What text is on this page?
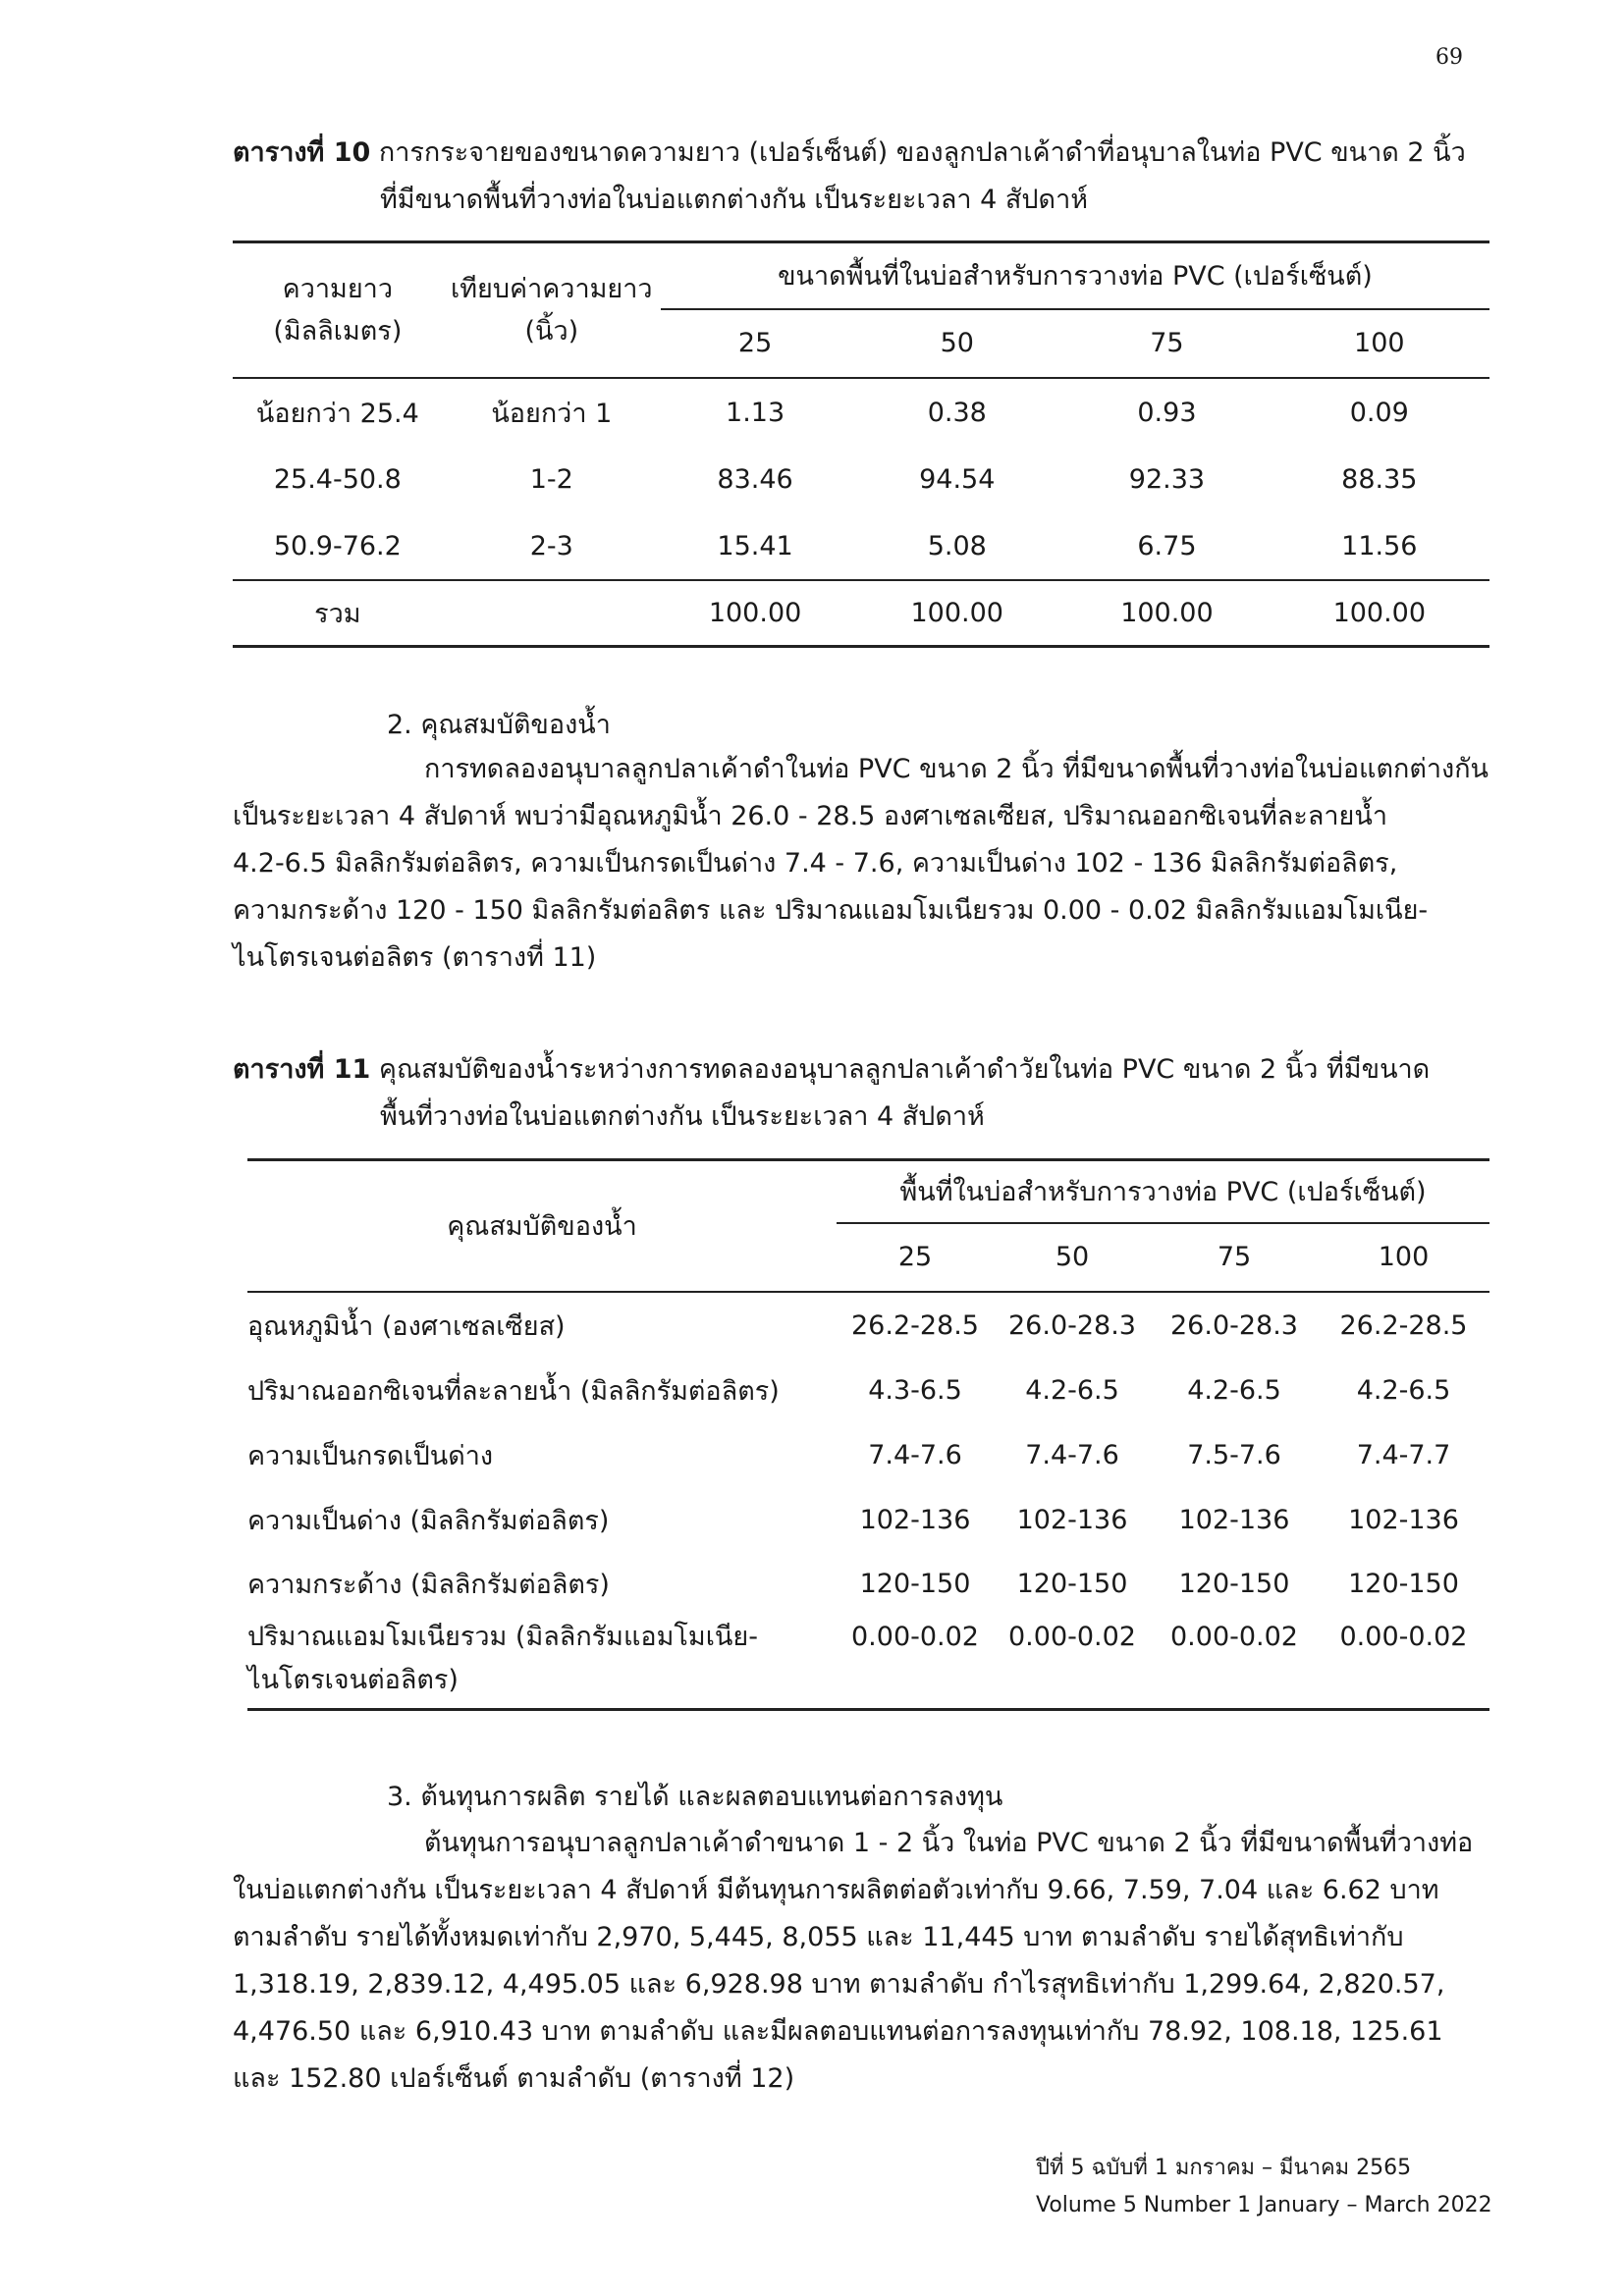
69
ตารางที่ 10 การกระจายของขนาดความยาว (เปอร์เซ็นต์) ของลูกปลาเค้าดำที่อนุบาลในท่อ PVC ขนาด 2 นิ้ว
ที่มีขนาดพื้นที่วางท่อในบ่อแตกต่างกัน เป็นระยะเวลา 4 สัปดาห์
ความยาว	เทียบค่าความยาว	ขนาดพื้นที่ในบ่อสำหรับการวางท่อ PVC (เปอร์เซ็นต์)			
(มิลลิเมตร)	(นิ้ว)	25	50	75	100
น้อยกว่า 25.4	น้อยกว่า 1	1.13	0.38	0.93	0.09
25.4-50.8	1-2	83.46	94.54	92.33	88.35
50.9-76.2	2-3	15.41	5.08	6.75	11.56
รวม		100.00	100.00	100.00	100.00
2. คุณสมบัติของน้ำ
การทดลองอนุบาลลูกปลาเค้าดำในท่อ PVC ขนาด 2 นิ้ว ที่มีขนาดพื้นที่วางท่อในบ่อแตกต่างกัน
เป็นระยะเวลา 4 สัปดาห์ พบว่ามีอุณหภูมิน้ำ 26.0 - 28.5 องศาเซลเซียส, ปริมาณออกซิเจนที่ละลายน้ำ
4.2-6.5 มิลลิกรัมต่อลิตร, ความเป็นกรดเป็นด่าง 7.4 - 7.6, ความเป็นด่าง 102 - 136 มิลลิกรัมต่อลิตร,
ความกระด้าง 120 - 150 มิลลิกรัมต่อลิตร และ ปริมาณแอมโมเนียรวม 0.00 - 0.02 มิลลิกรัมแอมโมเนีย-
ไนโตรเจนต่อลิตร (ตารางที่ 11)
ตารางที่ 11 คุณสมบัติของน้ำระหว่างการทดลองอนุบาลลูกปลาเค้าดำวัยในท่อ PVC ขนาด 2 นิ้ว ที่มีขนาด
พื้นที่วางท่อในบ่อแตกต่างกัน เป็นระยะเวลา 4 สัปดาห์
คุณสมบัติของน้ำ	พื้นที่ในบ่อสำหรับการวางท่อ PVC (เปอร์เซ็นต์)			
	25	50	75	100
อุณหภูมิน้ำ (องศาเซลเซียส)	26.2-28.5	26.0-28.3	26.0-28.3	26.2-28.5
ปริมาณออกซิเจนที่ละลายน้ำ (มิลลิกรัมต่อลิตร)	4.3-6.5	4.2-6.5	4.2-6.5	4.2-6.5
ความเป็นกรดเป็นด่าง	7.4-7.6	7.4-7.6	7.5-7.6	7.4-7.7
ความเป็นด่าง (มิลลิกรัมต่อลิตร)	102-136	102-136	102-136	102-136
ความกระด้าง (มิลลิกรัมต่อลิตร)	120-150	120-150	120-150	120-150

ปริมาณแอมโมเนียรวม (มิลลิกรัมแอมโมเนีย-
ไนโตรเจนต่อลิตร)	0.00-0.02	0.00-0.02	0.00-0.02	0.00-0.02
3. ต้นทุนการผลิต รายได้ และผลตอบแทนต่อการลงทุน
ต้นทุนการอนุบาลลูกปลาเค้าดำขนาด 1 - 2 นิ้ว ในท่อ PVC ขนาด 2 นิ้ว ที่มีขนาดพื้นที่วางท่อ
ในบ่อแตกต่างกัน เป็นระยะเวลา 4 สัปดาห์ มีต้นทุนการผลิตต่อตัวเท่ากับ 9.66, 7.59, 7.04 และ 6.62 บาท
ตามลำดับ รายได้ทั้งหมดเท่ากับ 2,970, 5,445, 8,055 และ 11,445 บาท ตามลำดับ รายได้สุทธิเท่ากับ
1,318.19, 2,839.12, 4,495.05 และ 6,928.98 บาท ตามลำดับ กำไรสุทธิเท่ากับ 1,299.64, 2,820.57,
4,476.50 และ 6,910.43 บาท ตามลำดับ และมีผลตอบแทนต่อการลงทุนเท่ากับ 78.92, 108.18, 125.61
และ 152.80 เปอร์เซ็นต์ ตามลำดับ (ตารางที่ 12)
ปีที่ 5 ฉบับที่ 1 มกราคม – มีนาคม 2565
Volume 5 Number 1 January – March 2022
